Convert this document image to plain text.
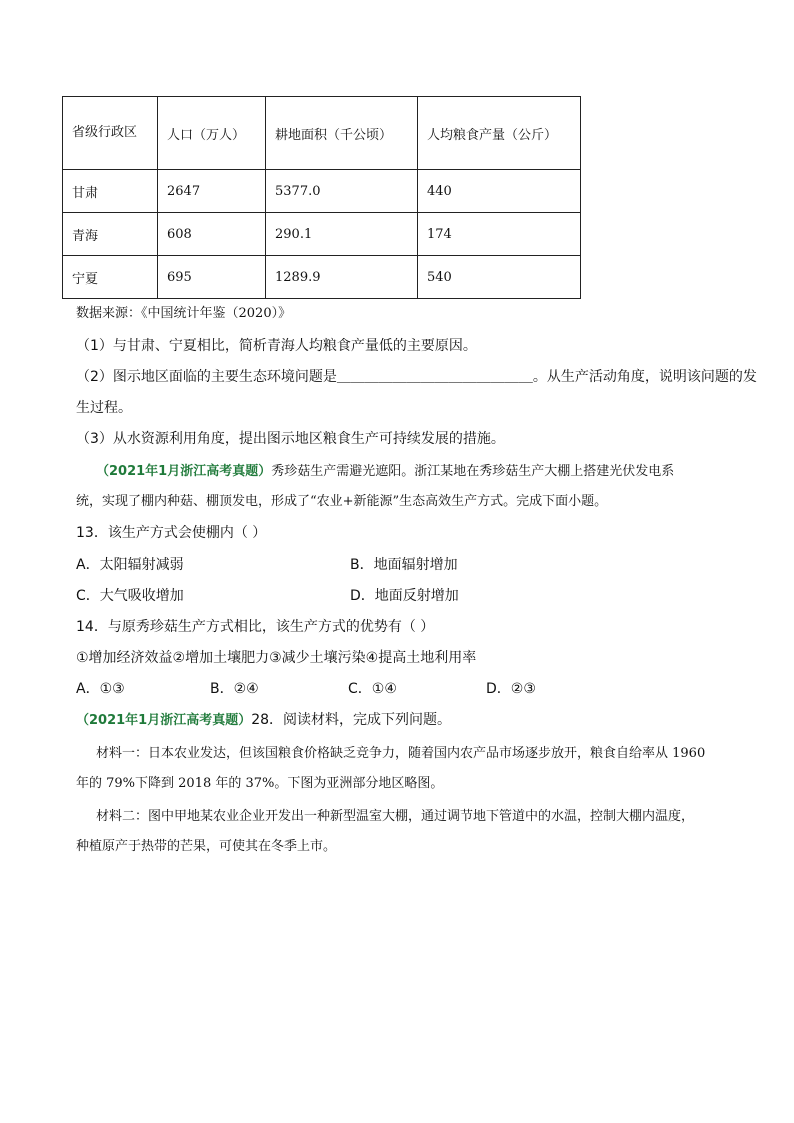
省级行政区	人口（万人）	耕地面积（千公顷）	人均粮食产量（公斤）
甘肃	2647	5377.0	440
青海	608	290.1	174
宁夏	695	1289.9	540
数据来源：《中国统计年鉴（2020）》
（1）与甘肃、宁夏相比，简析青海人均粮食产量低的主要原因。
（2）图示地区面临的主要生态环境问题是＿＿＿＿＿＿＿＿＿＿＿＿＿＿。从生产活动角度，说明该问题的发
生过程。
（3）从水资源利用角度，提出图示地区粮食生产可持续发展的措施。
（2021年1月浙江高考真题）秀珍菇生产需避光遮阳。浙江某地在秀珍菇生产大棚上搭建光伏发电系
统，实现了棚内种菇、棚顶发电，形成了“农业+新能源”生态高效生产方式。完成下面小题。
13．该生产方式会使棚内（ ）
A．太阳辐射减弱	B．地面辐射增加
C．大气吸收增加	D．地面反射增加
14．与原秀珍菇生产方式相比，该生产方式的优势有（ ）
①增加经济效益②增加土壤肥力③减少土壤污染④提高土地利用率
A．①③	B．②④	C．①④	D．②③
（2021年1月浙江高考真题）28．阅读材料，完成下列问题。
材料一：日本农业发达，但该国粮食价格缺乏竞争力，随着国内农产品市场逐步放开，粮食自给率从 1960
年的 79%下降到 2018 年的 37%。下图为亚洲部分地区略图。
材料二：图中甲地某农业企业开发出一种新型温室大棚，通过调节地下管道中的水温，控制大棚内温度，
种植原产于热带的芒果，可使其在冬季上市。
